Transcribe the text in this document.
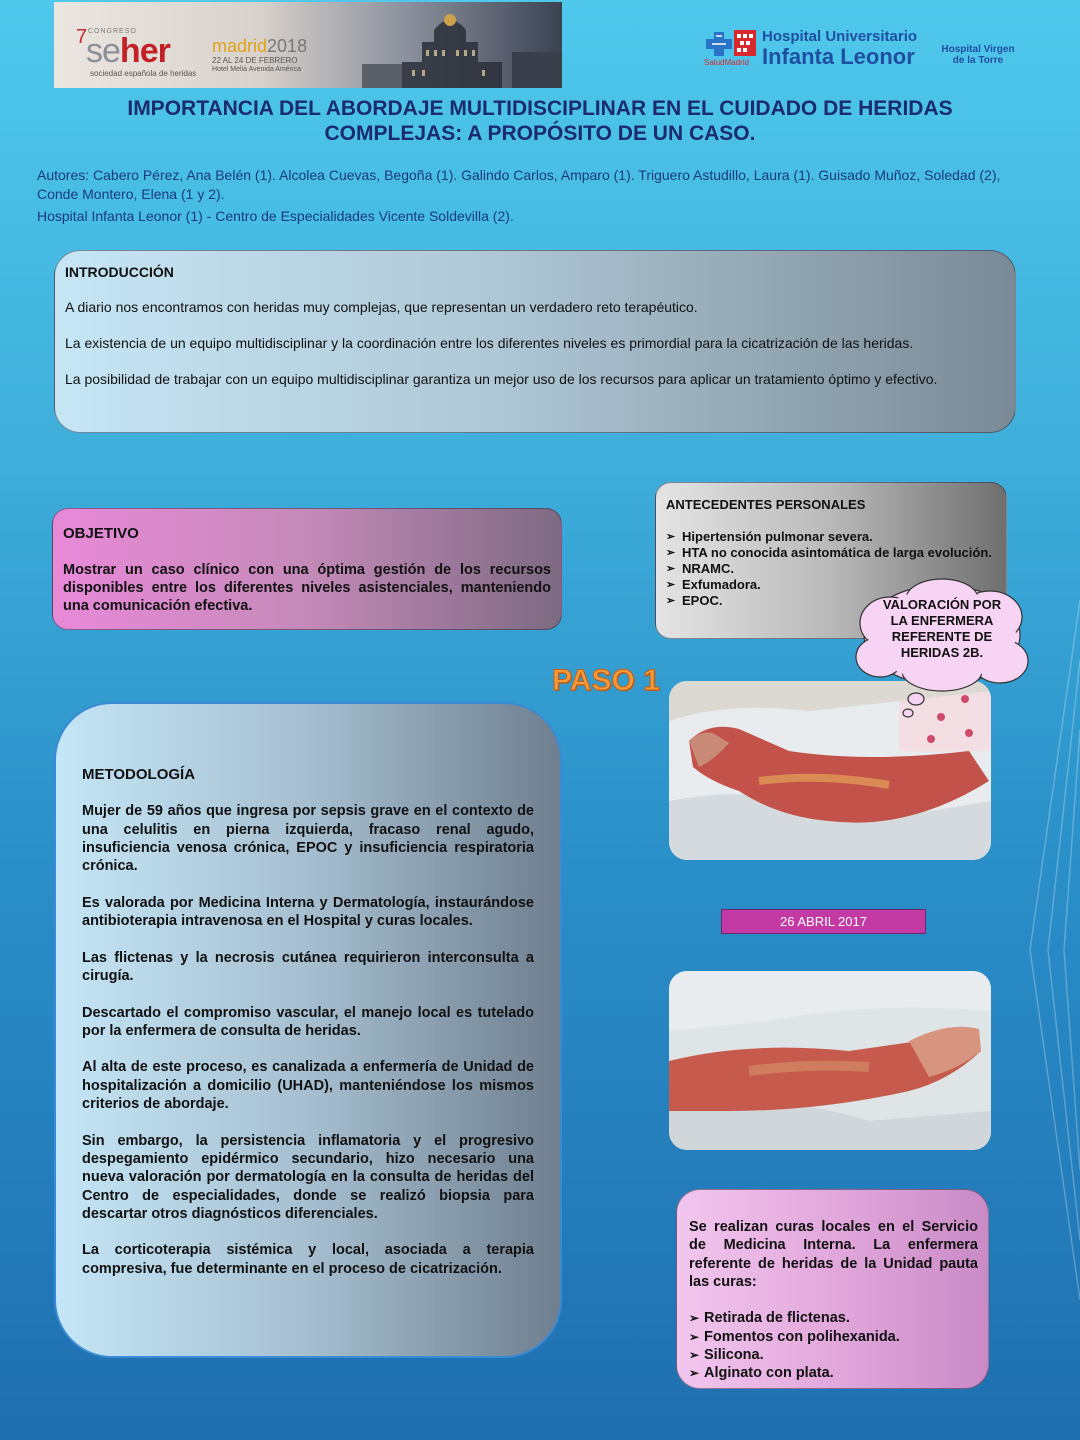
7 CONGRESO
seher
sociedad española de heridas
madrid2018
22 AL 24 DE FEBRERO
Hotel Meliá Avenida América
SaludMadrid
Hospital Universitario
Infanta Leonor	Hospital Virgen de la Torre
IMPORTANCIA DEL ABORDAJE MULTIDISCIPLINAR EN EL CUIDADO DE HERIDAS COMPLEJAS: A PROPÓSITO DE UN CASO.
Autores: Cabero Pérez, Ana Belén (1). Alcolea Cuevas, Begoña (1). Galindo Carlos, Amparo (1). Triguero Astudillo, Laura (1). Guisado Muñoz, Soledad (2), Conde Montero, Elena (1 y 2).
Hospital Infanta Leonor (1) - Centro de Especialidades Vicente Soldevilla (2).

INTRODUCCIÓN

A diario nos encontramos con heridas muy complejas, que representan un verdadero reto terapéutico.

La existencia de un equipo multidisciplinar y la coordinación entre los diferentes niveles es primordial para la cicatrización de las heridas.

La posibilidad de trabajar con un equipo multidisciplinar garantiza un mejor uso de los recursos para aplicar un tratamiento óptimo y efectivo.

OBJETIVO
Mostrar un caso clínico con una óptima gestión de los recursos disponibles entre los diferentes niveles asistenciales, manteniendo una comunicación efectiva.
ANTECEDENTES PERSONALES
➢ Hipertensión pulmonar severa.
➢ HTA no conocida asintomática de larga evolución.
➢ NRAMC.
➢ Exfumadora.
➢ EPOC.	VALORACIÓN POR LA ENFERMERA REFERENTE DE HERIDAS 2B.
PASO 1

METODOLOGÍA

Mujer de 59 años que ingresa por sepsis grave en el contexto de una celulitis en pierna izquierda, fracaso renal agudo, insuficiencia venosa crónica, EPOC y insuficiencia respiratoria crónica.

Es valorada por Medicina Interna y Dermatología, instaurándose antibioterapia intravenosa en el Hospital y curas locales.

Las flictenas y la necrosis cutánea requirieron interconsulta a cirugía.

Descartado el compromiso vascular, el manejo local es tutelado por la enfermera de consulta de heridas.

Al alta de este proceso, es canalizada a enfermería de Unidad de hospitalización a domicilio (UHAD), manteniéndose los mismos criterios de abordaje.

Sin embargo, la persistencia inflamatoria y el progresivo despegamiento epidérmico secundario, hizo necesario una nueva valoración por dermatología en la consulta de heridas del Centro de especialidades, donde se realizó biopsia para descartar otros diagnósticos diferenciales.

La corticoterapia sistémica y local, asociada a terapia compresiva, fue determinante en el proceso de cicatrización.

26 ABRIL 2017

Se realizan curas locales en el Servicio de Medicina Interna. La enfermera referente de heridas de la Unidad pauta las curas:

➢ Retirada de flictenas.
➢ Fomentos con polihexanida.
➢ Silicona.
➢ Alginato con plata.
